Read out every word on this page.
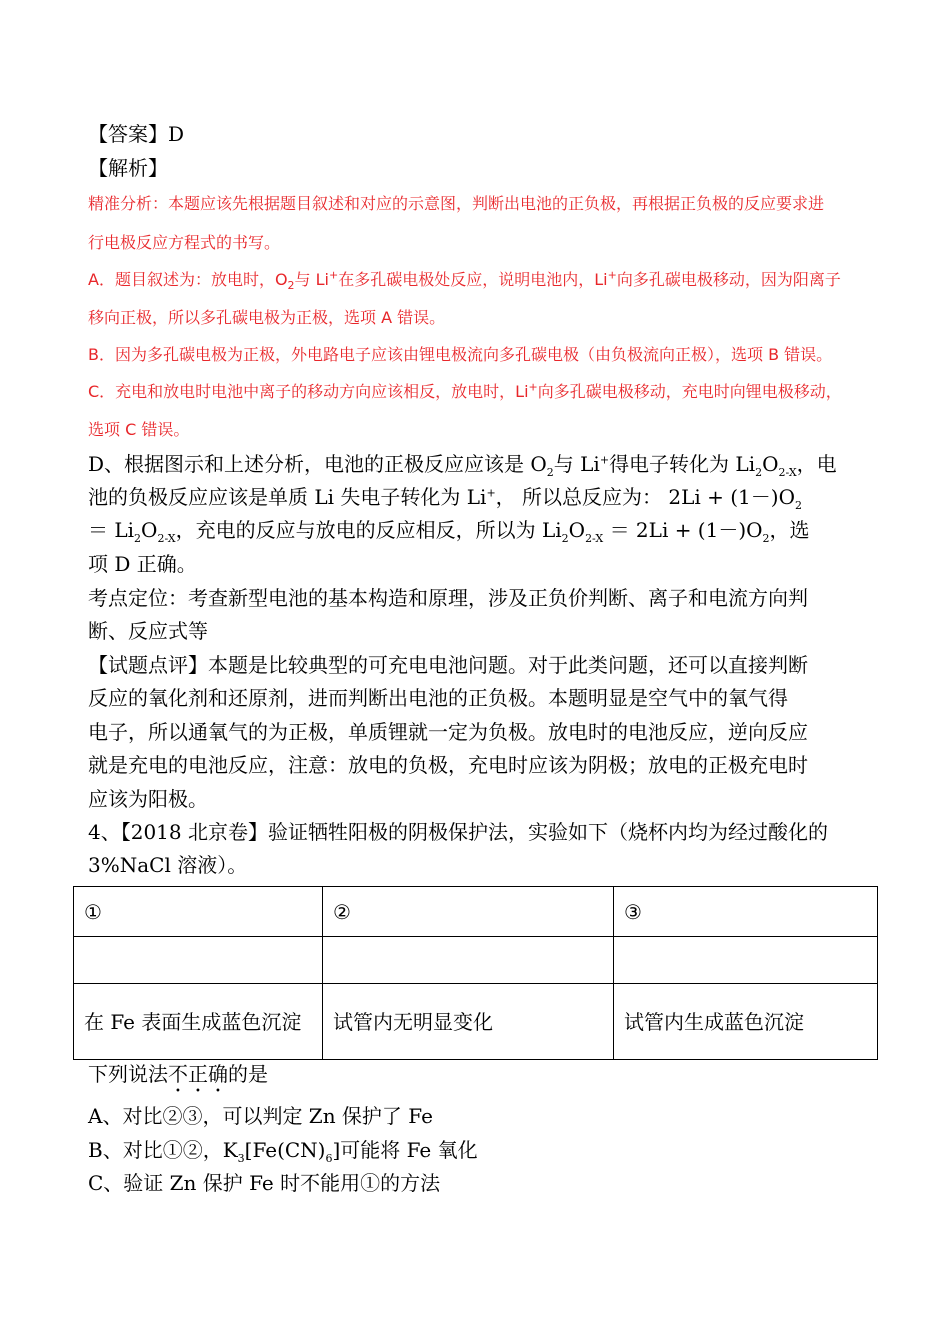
【答案】D
【解析】
精准分析：本题应该先根据题目叙述和对应的示意图，判断出电池的正负极，再根据正负极的反应要求进
行电极反应方程式的书写。
A．题目叙述为：放电时，$O_2$与 Li+在多孔碳电极处反应，说明电池内，Li+向多孔碳电极移动，因为阳离子
移向正极，所以多孔碳电极为正极，选项 A 错误。
B．因为多孔碳电极为正极，外电路电子应该由锂电极流向多孔碳电极（由负极流向正极），选项 B 错误。
C．充电和放电时电池中离子的移动方向应该相反，放电时，Li+向多孔碳电极移动，充电时向锂电极移动，
选项 C 错误。
D、根据图示和上述分析，电池的正极反应应该是 $O_2$与 Li+得电子转化为 $Li_2O_{2-X}$，电
池的负极反应应该是单质 Li 失电子转化为 Li+， 所以总反应为： $2Li + (1-)O_2$
＝ $Li_2O_{2-X}$，充电的反应与放电的反应相反，所以为 $Li_2O_{2-X} = 2Li + (1-)O_2$，选
项 D 正确。
考点定位：考查新型电池的基本构造和原理，涉及正负价判断、离子和电流方向判
断、反应式等
【试题点评】本题是比较典型的可充电电池问题。对于此类问题，还可以直接判断
反应的氧化剂和还原剂，进而判断出电池的正负极。本题明显是空气中的氧气得
电子，所以通氧气的为正极，单质锂就一定为负极。放电时的电池反应，逆向反应
就是充电的电池反应，注意：放电的负极，充电时应该为阴极；放电的正极充电时
应该为阳极。
4、【2018 北京卷】验证牺牲阳极的阴极保护法，实验如下（烧杯内均为经过酸化的
3%NaCl 溶液）。
①	②	③

在 Fe 表面生成蓝色沉淀	试管内无明显变化	试管内生成蓝色沉淀
下列说法不正确的是
A、对比②③，可以判定 Zn 保护了 Fe
B、对比①②，$K_3[Fe(CN)_6]$可能将 Fe 氧化
C、验证 Zn 保护 Fe 时不能用①的方法
